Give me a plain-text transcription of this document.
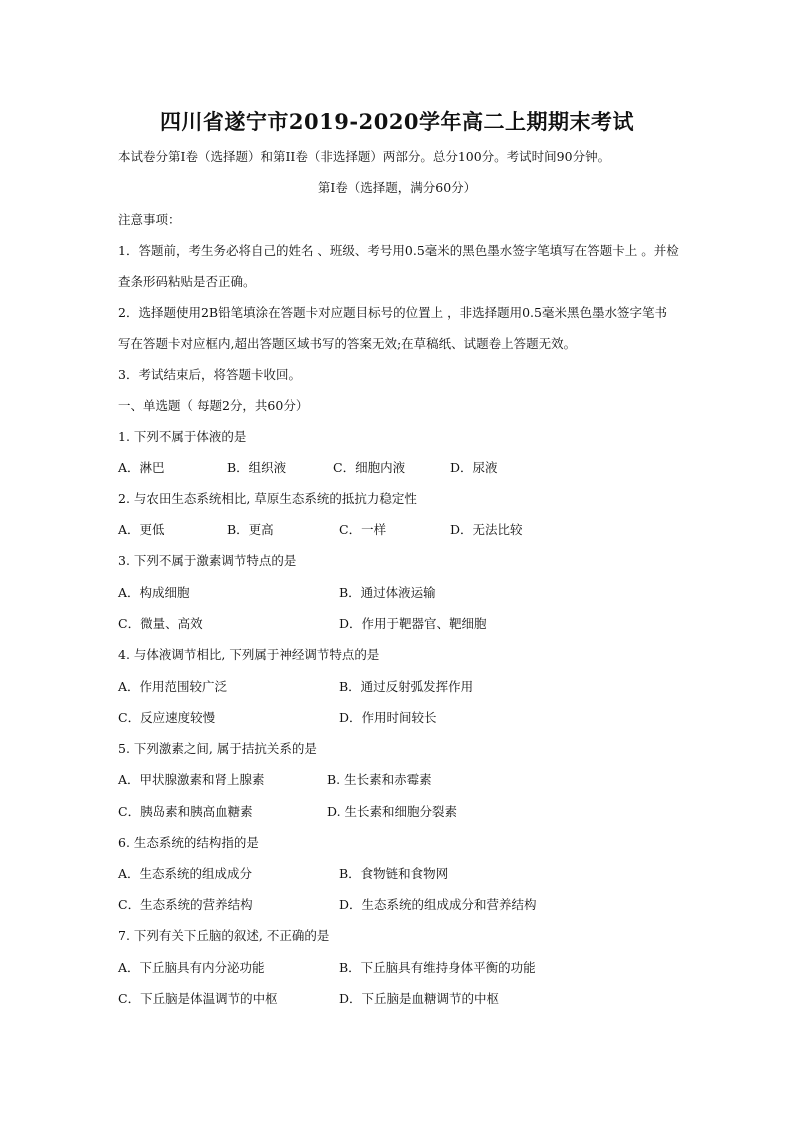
四川省遂宁市2019-2020学年高二上期期末考试
本试卷分第I卷（选择题）和第II卷（非选择题）两部分。总分100分。考试时间90分钟。
第I卷（选择题，满分60分）
注意事项：
1．答题前，考生务必将自己的姓名 、班级、考号用0.5毫米的黑色墨水签字笔填写在答题卡上 。并检
查条形码粘贴是否正确。
2．选择题使用2B铅笔填涂在答题卡对应题目标号的位置上 ，非选择题用0.5毫米黑色墨水签字笔书
写在答题卡对应框内,超出答题区域书写的答案无效;在草稿纸、试题卷上答题无效。
3．考试结束后，将答题卡收回。
一、单选题（ 每题2分，共60分）
1. 下列不属于体液的是
A．淋巴	B．组织液	C．细胞内液	D．尿液
2. 与农田生态系统相比, 草原生态系统的抵抗力稳定性
A．更低	B．更高	C．一样	D．无法比较
3. 下列不属于激素调节特点的是
A．构成细胞	B．通过体液运输
C．微量、高效	D．作用于靶器官、靶细胞
4. 与体液调节相比, 下列属于神经调节特点的是
A．作用范围较广泛	B．通过反射弧发挥作用
C．反应速度较慢	D．作用时间较长
5. 下列激素之间, 属于拮抗关系的是
A．甲状腺激素和肾上腺素	B. 生长素和赤霉素
C．胰岛素和胰高血糖素	D. 生长素和细胞分裂素
6. 生态系统的结构指的是
A．生态系统的组成成分	B．食物链和食物网
C．生态系统的营养结构	D．生态系统的组成成分和营养结构
7. 下列有关下丘脑的叙述, 不正确的是
A．下丘脑具有内分泌功能	B．下丘脑具有维持身体平衡的功能
C．下丘脑是体温调节的中枢	D．下丘脑是血糖调节的中枢
